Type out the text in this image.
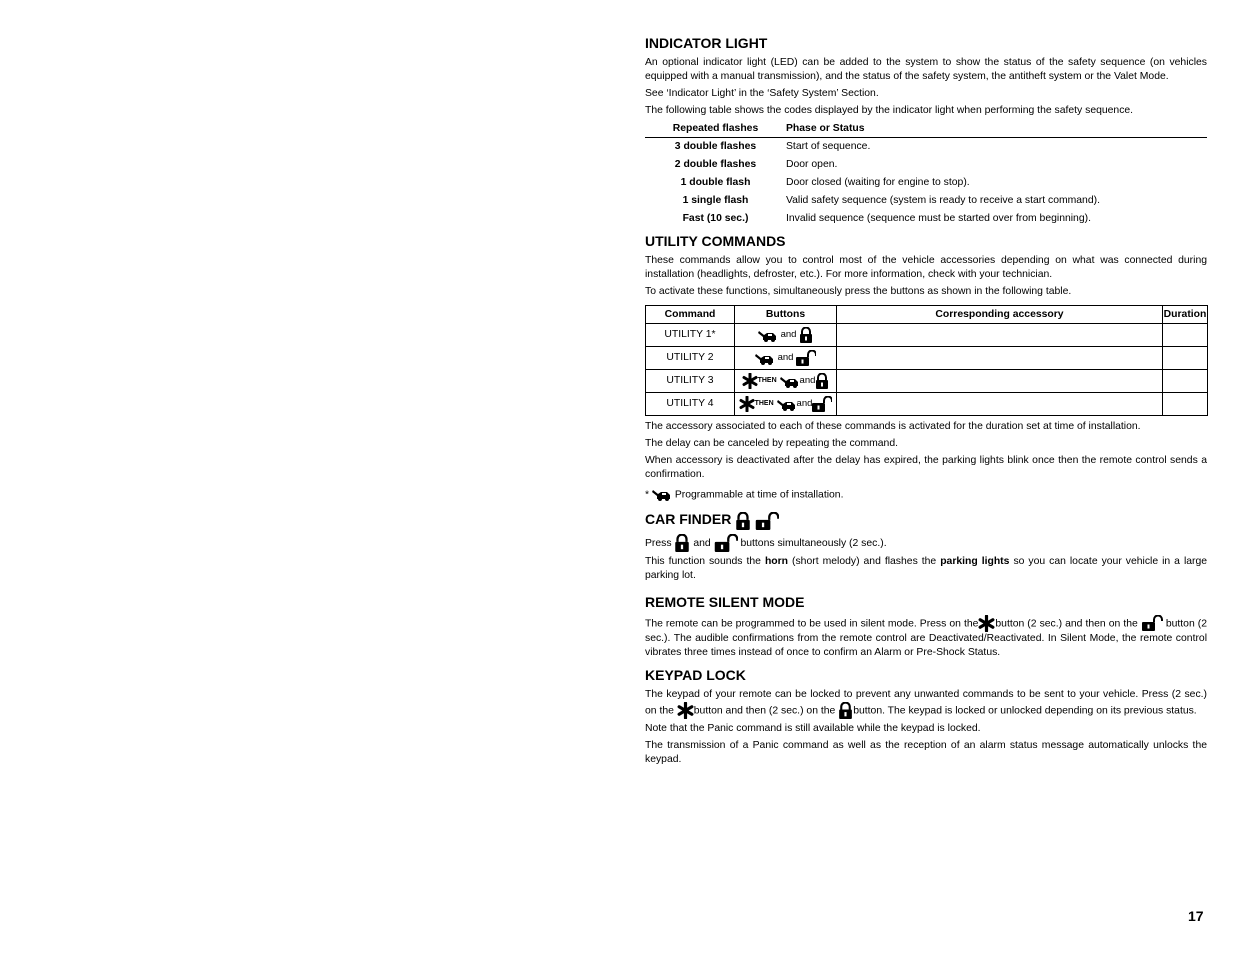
INDICATOR LIGHT

An optional indicator light (LED) can be added to the system to show the status of the safety sequence (on vehicles equipped with a manual transmission), and the status of the safety system, the antitheft system or the Valet Mode.

See ‘Indicator Light’ in the ‘Safety System’ Section.

The following table shows the codes displayed by the indicator light when performing the safety sequence.

Repeated flashes	Phase or Status
3 double flashes	Start of sequence.
2 double flashes	Door open.
1 double flash	Door closed (waiting for engine to stop).
1 single flash	Valid safety sequence (system is ready to receive a start command).
Fast (10 sec.)	Invalid sequence (sequence must be started over from beginning).
UTILITY COMMANDS

These commands allow you to control most of the vehicle accessories depending on what was connected during installation (headlights, defroster, etc.). For more information, check with your technician.

To activate these functions, simultaneously press the buttons as shown in the following table.

Command	Buttons	Corresponding accessory	Duration
UTILITY 1*	and

UTILITY 2	and

UTILITY 3	THEN and

UTILITY 4	THEN and

The accessory associated to each of these commands is activated for the duration set at time of installation.

The delay can be canceled by repeating the command.

When accessory is deactivated after the delay has expired, the parking lights blink once then the remote control sends a confirmation.

* Programmable at time of installation.

CAR FINDER

Press and	buttons simultaneously (2 sec.).

This function sounds the horn (short melody) and flashes the parking lights so you can locate your vehicle in a large parking lot.

REMOTE SILENT MODE

The remote can be programmed to be used in silent mode. Press on the button (2 sec.) and then on the	button (2 sec.). The audible confirmations from the remote control are Deactivated/Reactivated. In Silent Mode, the remote control vibrates three times instead of once to confirm an Alarm or Pre-Shock Status.

KEYPAD LOCK

The keypad of your remote can be locked to prevent any unwanted commands to be sent to your vehicle. Press (2 sec.) on the button and then (2 sec.) on the button. The keypad is locked or unlocked depending on its previous status.

Note that the Panic command is still available while the keypad is locked.

The transmission of a Panic command as well as the reception of an alarm status message automatically unlocks the keypad.

17
